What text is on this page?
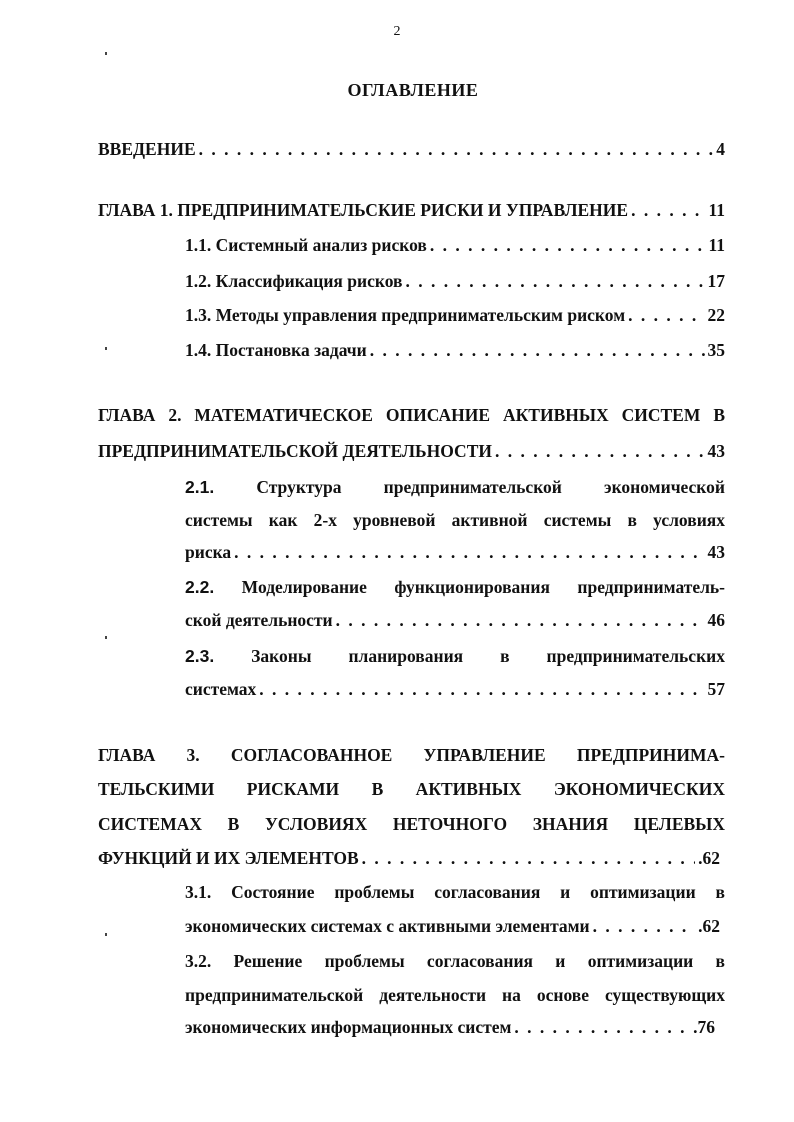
2
ОГЛАВЛЕНИЕ
ВВЕДЕНИЕ . . .	4
ГЛАВА 1. ПРЕДПРИНИМАТЕЛЬСКИЕ РИСКИ И УПРАВЛЕНИЕ . . .	11
1.1. Системный анализ рисков . . .	11
1.2. Классификация рисков . . .	17
1.3. Методы управления предпринимательским риском . . .	22
1.4. Постановка задачи . . .	35
ГЛАВА 2. МАТЕМАТИЧЕСКОЕ ОПИСАНИЕ АКТИВНЫХ СИСТЕМ В
ПРЕДПРИНИМАТЕЛЬСКОЙ ДЕЯТЕЛЬНОСТИ . . .	43
2.1. Структура предпринимательской экономической
системы как 2-х уровневой активной системы в условиях
риска . . .	43
2.2. Моделирование функционирования предприниматель-
ской деятельности . . .	46
2.3. Законы планирования в предпринимательских
системах . . .	57
ГЛАВА 3. СОГЛАСОВАННОЕ УПРАВЛЕНИЕ ПРЕДПРИНИМА-
ТЕЛЬСКИМИ РИСКАМИ В АКТИВНЫХ ЭКОНОМИЧЕСКИХ
СИСТЕМАХ В УСЛОВИЯХ НЕТОЧНОГО ЗНАНИЯ ЦЕЛЕВЫХ
ФУНКЦИЙ И ИХ ЭЛЕМЕНТОВ . . .	.62
3.1. Состояние проблемы согласования и оптимизации в
экономических системах с активными элементами . . .	.62
3.2. Решение проблемы согласования и оптимизации в
предпринимательской деятельности на основе существующих
экономических информационных систем . . .	.76
